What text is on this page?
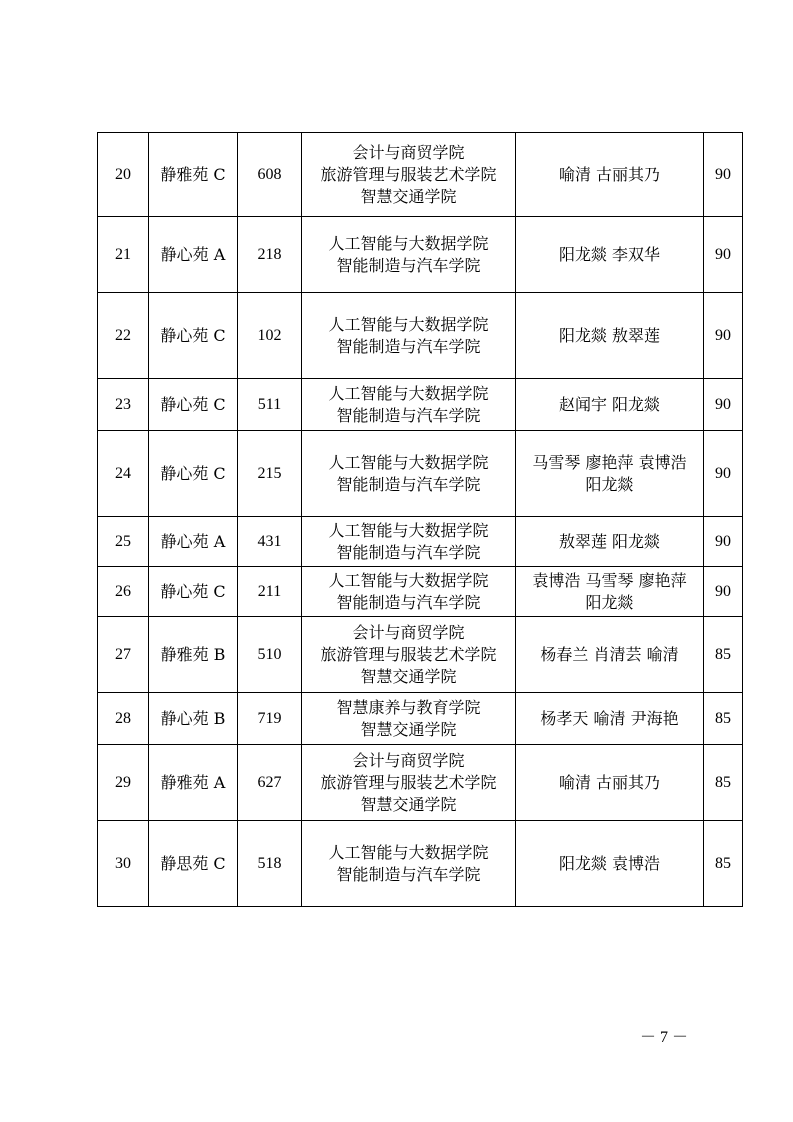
20	静雅苑 C	608	会计与商贸学院
旅游管理与服装艺术学院
智慧交通学院	喻清 古丽其乃	90
21	静心苑 A	218	人工智能与大数据学院
智能制造与汽车学院	阳龙燚 李双华	90
22	静心苑 C	102	人工智能与大数据学院
智能制造与汽车学院	阳龙燚 敖翠莲	90
23	静心苑 C	511	人工智能与大数据学院
智能制造与汽车学院	赵闻宇 阳龙燚	90
24	静心苑 C	215	人工智能与大数据学院
智能制造与汽车学院	马雪琴 廖艳萍 袁博浩
阳龙燚	90
25	静心苑 A	431	人工智能与大数据学院
智能制造与汽车学院	敖翠莲 阳龙燚	90
26	静心苑 C	211	人工智能与大数据学院
智能制造与汽车学院	袁博浩 马雪琴 廖艳萍
阳龙燚	90
27	静雅苑 B	510	会计与商贸学院
旅游管理与服装艺术学院
智慧交通学院	杨春兰 肖清芸 喻清	85
28	静心苑 B	719	智慧康养与教育学院
智慧交通学院	杨孝天 喻清 尹海艳	85
29	静雅苑 A	627	会计与商贸学院
旅游管理与服装艺术学院
智慧交通学院	喻清 古丽其乃	85
30	静思苑 C	518	人工智能与大数据学院
智能制造与汽车学院	阳龙燚 袁博浩	85
－ 7 －
